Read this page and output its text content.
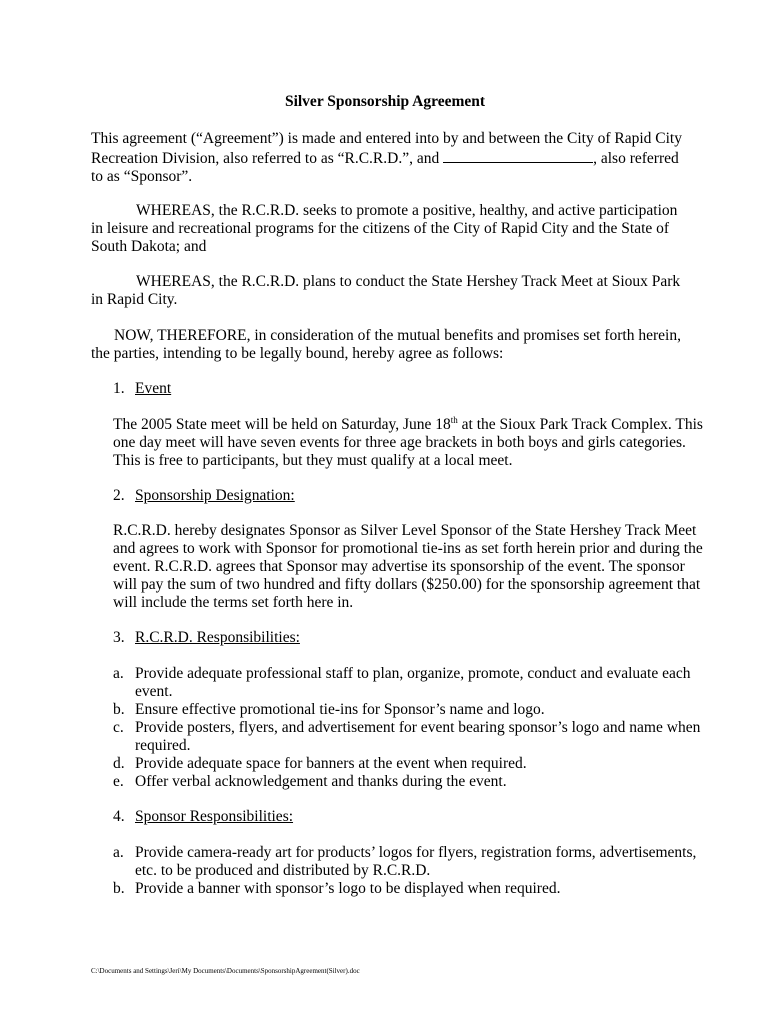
Silver Sponsorship Agreement

This agreement (“Agreement”) is made and entered into by and between the City of Rapid City Recreation Division, also referred to as “R.C.R.D.”, and	, also referred to as “Sponsor”.

WHEREAS, the R.C.R.D. seeks to promote a positive, healthy, and active participation in leisure and recreational programs for the citizens of the City of Rapid City and the State of South Dakota; and

WHEREAS, the R.C.R.D. plans to conduct the State Hershey Track Meet at Sioux Park in Rapid City.

NOW, THEREFORE, in consideration of the mutual benefits and promises set forth herein, the parties, intending to be legally bound, hereby agree as follows:

1. Event

The 2005 State meet will be held on Saturday, June 18th at the Sioux Park Track Complex. This one day meet will have seven events for three age brackets in both boys and girls categories. This is free to participants, but they must qualify at a local meet.

2. Sponsorship Designation:

R.C.R.D. hereby designates Sponsor as Silver Level Sponsor of the State Hershey Track Meet and agrees to work with Sponsor for promotional tie-ins as set forth herein prior and during the event. R.C.R.D. agrees that Sponsor may advertise its sponsorship of the event. The sponsor will pay the sum of two hundred and fifty dollars ($250.00) for the sponsorship agreement that will include the terms set forth here in.

3. R.C.R.D. Responsibilities:

a. Provide adequate professional staff to plan, organize, promote, conduct and evaluate each event.
b. Ensure effective promotional tie-ins for Sponsor’s name and logo.
c. Provide posters, flyers, and advertisement for event bearing sponsor’s logo and name when required.
d. Provide adequate space for banners at the event when required.
e. Offer verbal acknowledgement and thanks during the event.

4. Sponsor Responsibilities:

a. Provide camera-ready art for products’ logos for flyers, registration forms, advertisements, etc. to be produced and distributed by R.C.R.D.
b. Provide a banner with sponsor’s logo to be displayed when required.

C:\Documents and Settings\Jeri\My Documents\Documents\SponsorshipAgreement(Silver).doc
